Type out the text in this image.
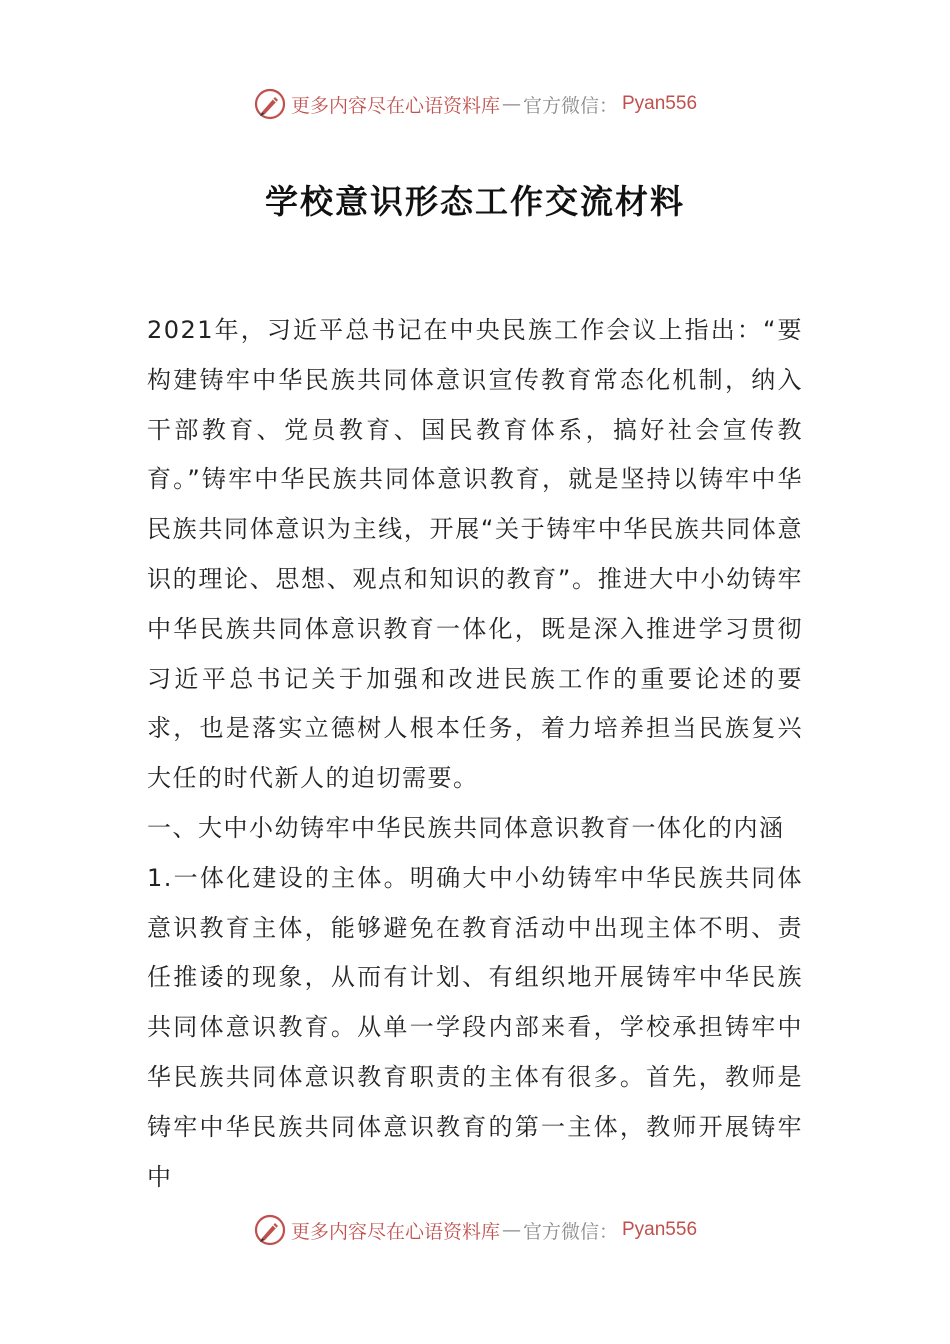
更多内容尽在心语资料库 — 官方微信： Pyan556
学校意识形态工作交流材料

2021年，习近平总书记在中央民族工作会议上指出：“要构建铸牢中华民族共同体意识宣传教育常态化机制，纳入干部教育、党员教育、国民教育体系，搞好社会宣传教育。”铸牢中华民族共同体意识教育，就是坚持以铸牢中华民族共同体意识为主线，开展“关于铸牢中华民族共同体意识的理论、思想、观点和知识的教育”。推进大中小幼铸牢中华民族共同体意识教育一体化，既是深入推进学习贯彻习近平总书记关于加强和改进民族工作的重要论述的要求，也是落实立德树人根本任务，着力培养担当民族复兴大任的时代新人的迫切需要。

一、大中小幼铸牢中华民族共同体意识教育一体化的内涵

1.一体化建设的主体。明确大中小幼铸牢中华民族共同体意识教育主体，能够避免在教育活动中出现主体不明、责任推诿的现象，从而有计划、有组织地开展铸牢中华民族共同体意识教育。从单一学段内部来看，学校承担铸牢中华民族共同体意识教育职责的主体有很多。首先，教师是铸牢中华民族共同体意识教育的第一主体，教师开展铸牢中

更多内容尽在心语资料库 — 官方微信： Pyan556
